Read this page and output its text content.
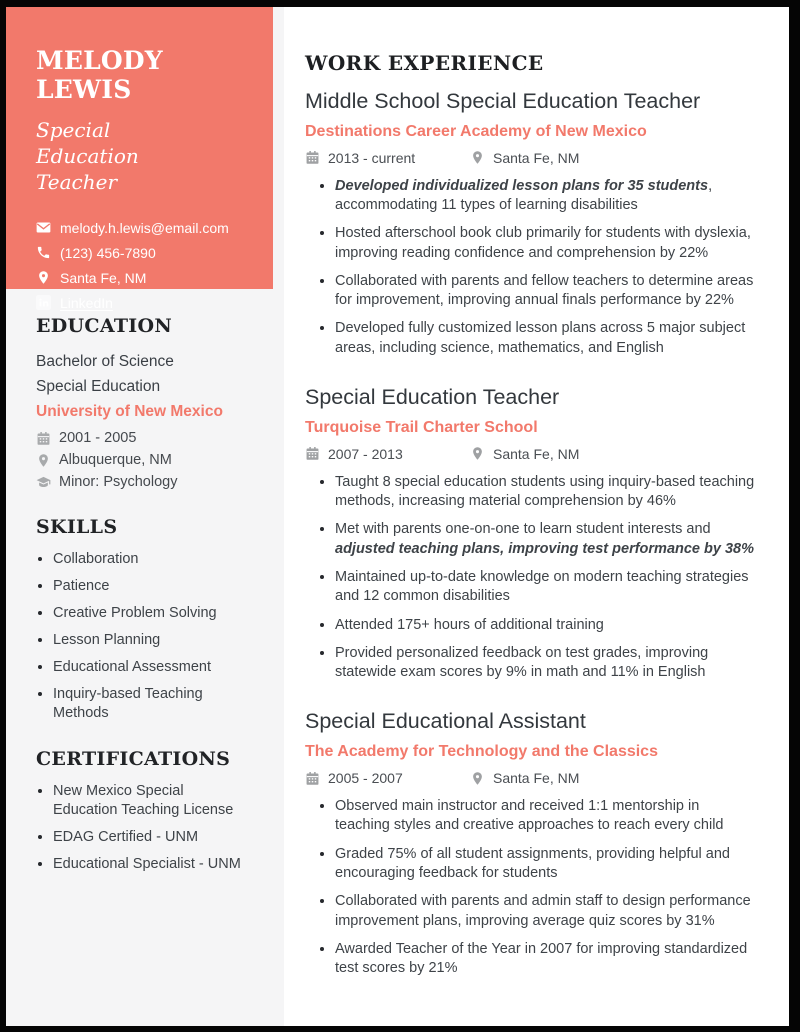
MELODY LEWIS
Special Education Teacher
melody.h.lewis@email.com
(123) 456-7890
Santa Fe, NM
LinkedIn
EDUCATION
Bachelor of Science
Special Education
University of New Mexico
2001 - 2005
Albuquerque, NM
Minor: Psychology
SKILLS
• Collaboration
• Patience
• Creative Problem Solving
• Lesson Planning
• Educational Assessment
• Inquiry-based Teaching Methods
CERTIFICATIONS
• New Mexico Special Education Teaching License
• EDAG Certified - UNM
• Educational Specialist - UNM
WORK EXPERIENCE
Middle School Special Education Teacher
Destinations Career Academy of New Mexico
2013 - current	Santa Fe, NM
• Developed individualized lesson plans for 35 students, accommodating 11 types of learning disabilities
• Hosted afterschool book club primarily for students with dyslexia, improving reading confidence and comprehension by 22%
• Collaborated with parents and fellow teachers to determine areas for improvement, improving annual finals performance by 22%
• Developed fully customized lesson plans across 5 major subject areas, including science, mathematics, and English
Special Education Teacher
Turquoise Trail Charter School
2007 - 2013	Santa Fe, NM
• Taught 8 special education students using inquiry-based teaching methods, increasing material comprehension by 46%
• Met with parents one-on-one to learn student interests and adjusted teaching plans, improving test performance by 38%
• Maintained up-to-date knowledge on modern teaching strategies and 12 common disabilities
• Attended 175+ hours of additional training
• Provided personalized feedback on test grades, improving statewide exam scores by 9% in math and 11% in English
Special Educational Assistant
The Academy for Technology and the Classics
2005 - 2007	Santa Fe, NM
• Observed main instructor and received 1:1 mentorship in teaching styles and creative approaches to reach every child
• Graded 75% of all student assignments, providing helpful and encouraging feedback for students
• Collaborated with parents and admin staff to design performance improvement plans, improving average quiz scores by 31%
• Awarded Teacher of the Year in 2007 for improving standardized test scores by 21%
